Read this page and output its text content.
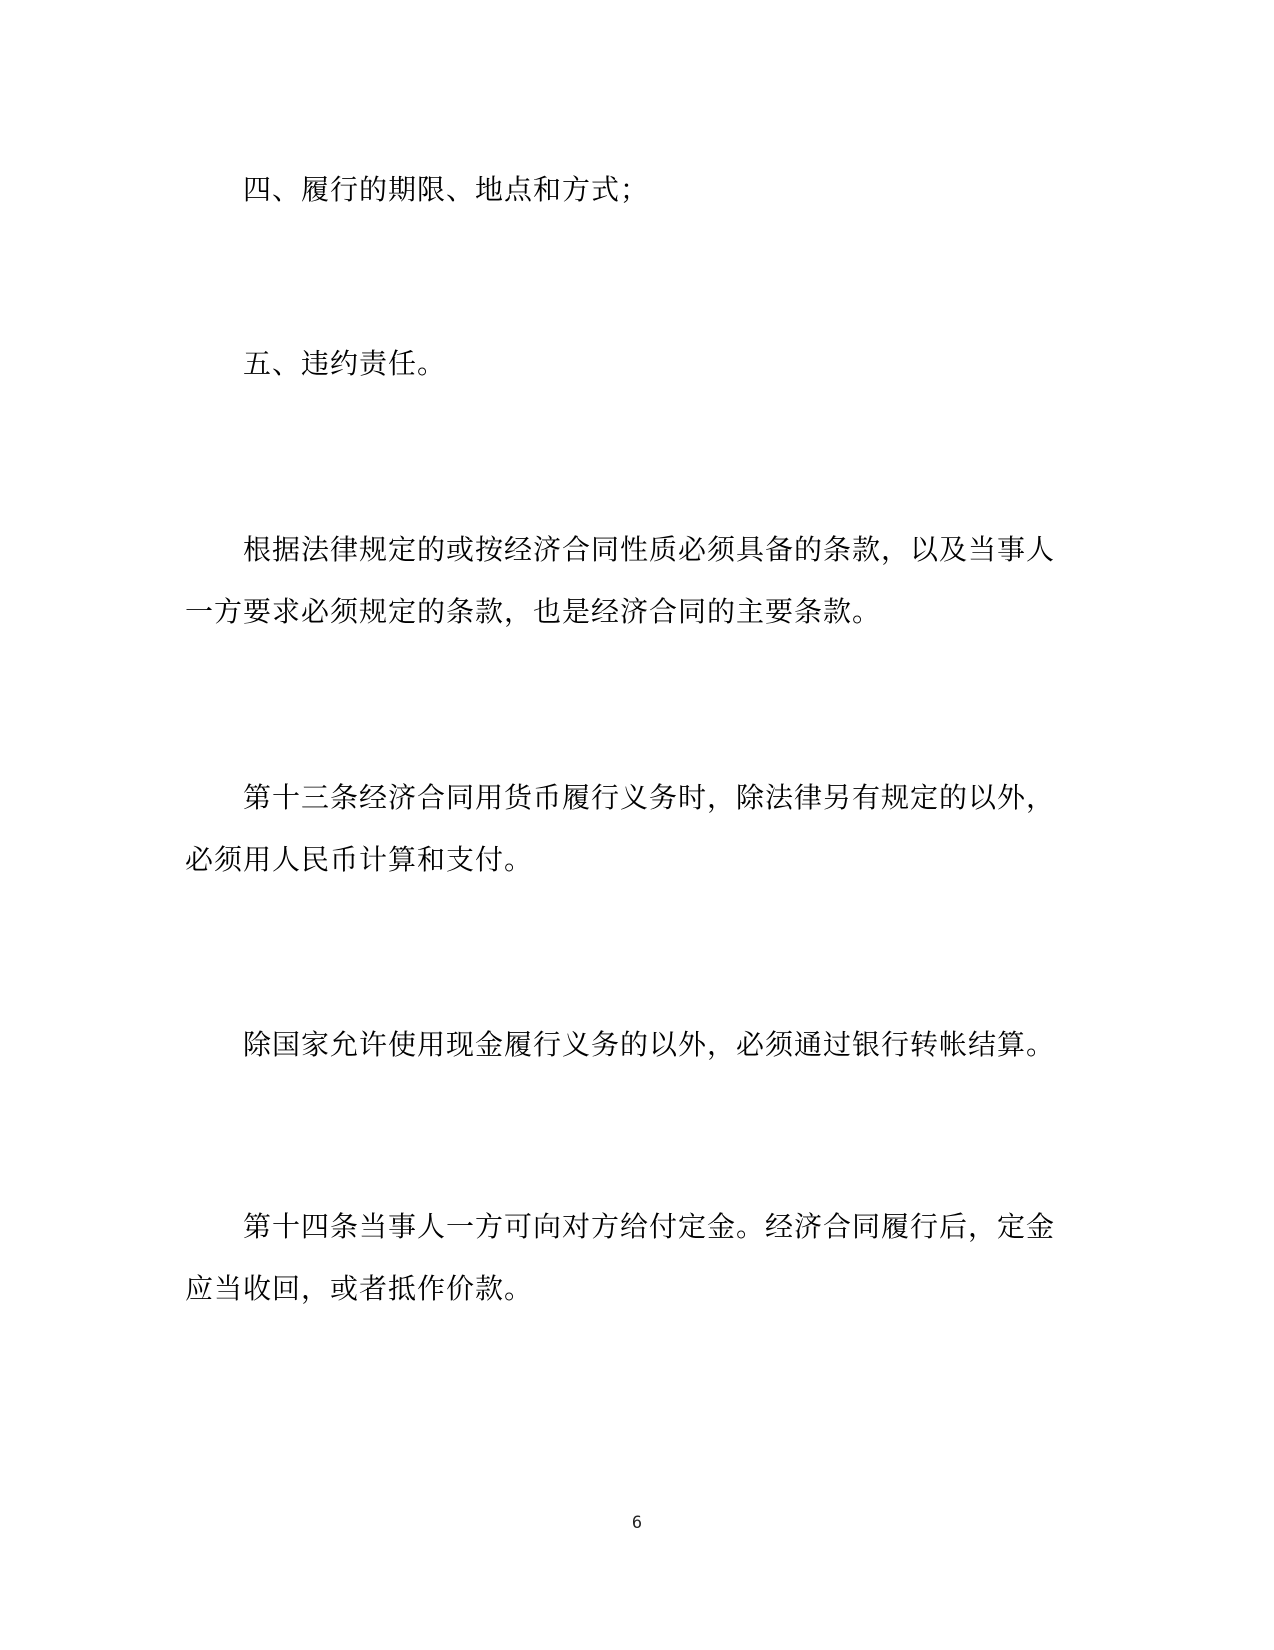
四、履行的期限、地点和方式；

五、违约责任。

根据法律规定的或按经济合同性质必须具备的条款，以及当事人
一方要求必须规定的条款，也是经济合同的主要条款。

第十三条经济合同用货币履行义务时，除法律另有规定的以外，
必须用人民币计算和支付。

除国家允许使用现金履行义务的以外，必须通过银行转帐结算。

第十四条当事人一方可向对方给付定金。经济合同履行后，定金
应当收回，或者抵作价款。

6
